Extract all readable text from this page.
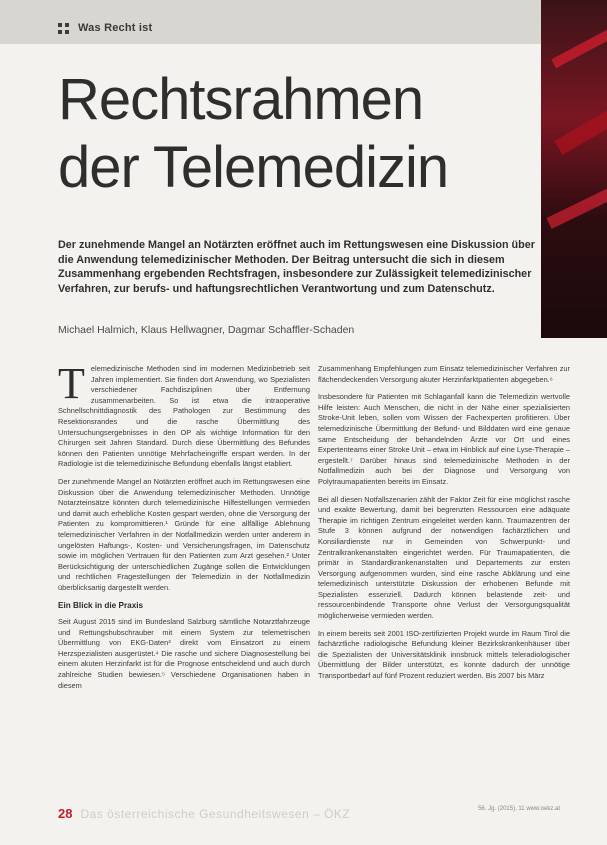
Was Recht ist
Rechtsrahmen
der Telemedizin
Der zunehmende Mangel an Notärzten eröffnet auch im Rettungswesen eine Diskussion über die Anwendung telemedizinischer Methoden. Der Beitrag untersucht die sich in diesem Zusammenhang ergebenden Rechtsfragen, insbesondere zur Zulässigkeit telemedizinischer Verfahren, zur berufs- und haftungsrechtlichen Verantwortung und zum Datenschutz.
Michael Halmich, Klaus Hellwagner, Dagmar Schaffler-Schaden

Telemedizinische Methoden sind im modernen Medizinbetrieb seit Jahren implementiert. Sie finden dort Anwendung, wo Spezialisten verschiedener Fachdisziplinen über Entfernung zusammenarbeiten. So ist etwa die intraoperative Schnellschnittdiagnostik des Pathologen zur Bestimmung des Resektionsrandes und die rasche Übermittlung des Untersuchungsergebnisses in den OP als wichtige Information für den Chirurgen seit Jahren Standard. Durch diese Übermittlung des Befundes können den Patienten unnötige Mehrfacheingriffe erspart werden. In der Radiologie ist die telemedizinische Befundung ebenfalls längst etabliert.

Der zunehmende Mangel an Notärzten eröffnet auch im Rettungswesen eine Diskussion über die Anwendung telemedizinischer Methoden. Unnötige Notarzteinsätze könnten durch telemedizinische Hilfestellungen vermieden und damit auch erhebliche Kosten gespart werden, ohne die Versorgung der Patienten zu kompromittieren.¹ Gründe für eine allfällige Ablehnung telemedizinischer Verfahren in der Notfallmedizin werden unter anderem in ungelösten Haftungs-, Kosten- und Versicherungsfragen, im Datenschutz sowie im möglichen Vertrauen für den Patienten zum Arzt gesehen.² Unter Berücksichtigung der unterschiedlichen Zugänge sollen die Entwicklungen und rechtlichen Fragestellungen der Telemedizin in der Notfallmedizin überblicksartig dargestellt werden.

Ein Blick in die Praxis

Seit August 2015 sind im Bundesland Salzburg sämtliche Notarztfahrzeuge und Rettungshubschrauber mit einem System zur telemetrischen Übermittlung von EKG-Daten³ direkt vom Einsatzort zu einem Herzspezialisten ausgerüstet.⁴ Die rasche und sichere Diagnosestellung bei einem akuten Herzinfarkt ist für die Prognose entscheidend und auch durch zahlreiche Studien bewiesen.⁵ Verschiedene Organisationen haben in diesem

Zusammenhang Empfehlungen zum Einsatz telemedizinischer Verfahren zur flächendeckenden Versorgung akuter Herzinfarktpatienten abgegeben.⁶

Insbesondere für Patienten mit Schlaganfall kann die Telemedizin wertvolle Hilfe leisten: Auch Menschen, die nicht in der Nähe einer spezialisierten Stroke-Unit leben, sollen vom Wissen der Fachexperten profitieren. Über telemedizinische Übermittlung der Befund- und Bilddaten wird eine genaue same Entscheidung der behandelnden Ärzte vor Ort und eines Expertenteams einer Stroke Unit – etwa im Hinblick auf eine Lyse-Therapie – ergestellt.⁷ Darüber hinaus sind telemedizinische Methoden in der Notfallmedizin auch bei der Diagnose und Versorgung von Polytraumapatienten bereits im Einsatz.

Bei all diesen Notfallszenarien zählt der Faktor Zeit für eine möglichst rasche und exakte Bewertung, damit bei begrenzten Ressourcen eine adäquate Therapie im richtigen Zentrum eingeleitet werden kann. Traumazentren der Stufe 3 können aufgrund der notwendigen fachärztlichen und Konsiliardienste nur in Gemeinden von Schwerpunkt- und Zentralkrankenanstalten eingerichtet werden. Für Traumapatienten, die primär in Standardkrankenanstalten und Departements zur ersten Versorgung aufgenommen wurden, sind eine rasche Abklärung und eine telemedizinisch unterstützte Diskussion der erhobenen Befunde mit Spezialisten essenziell. Dadurch können belastende zeit- und ressourcenbindende Transporte ohne Verlust der Versorgungsqualität möglicherweise vermieden werden.

In einem bereits seit 2001 ISO-zertifizierten Projekt wurde im Raum Tirol die fachärztliche radiologische Befundung kleiner Bezirkskrankenhäuser über die Spezialisten der Universitätsklinik innsbruck mittels teleradiologischer Übermittlung der Bilder unterstützt, es konnte dadurch der unnötige Transportbedarf auf fünf Prozent reduziert werden. Bis 2007 bis März

28 Das österreichische Gesundheitswesen – ÖKZ	56. Jg. (2015), 11 www.oekz.at
